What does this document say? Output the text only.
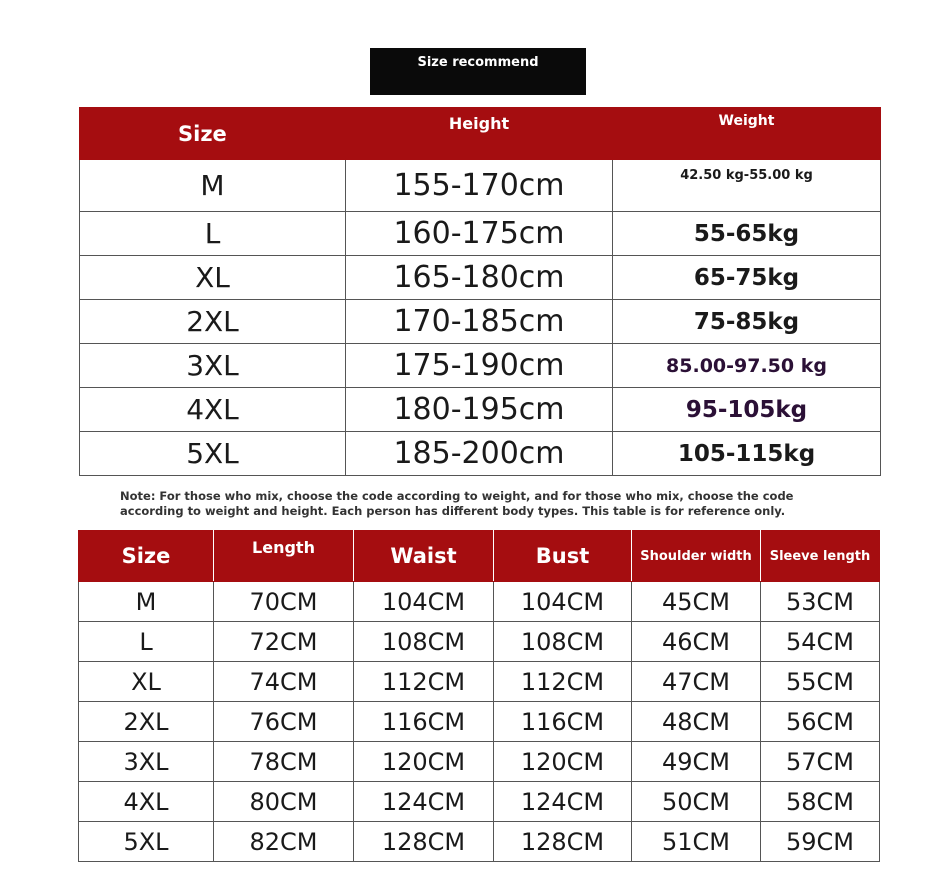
Size recommend
Size	Height	Weight
M	155-170cm	42.50 kg-55.00 kg
L	160-175cm	55-65kg
XL	165-180cm	65-75kg
2XL	170-185cm	75-85kg
3XL	175-190cm	85.00-97.50 kg
4XL	180-195cm	95-105kg
5XL	185-200cm	105-115kg
Note: For those who mix, choose the code according to weight, and for those who mix, choose the code according to weight and height. Each person has different body types. This table is for reference only.
Size	Length	Waist	Bust	Shoulder width	Sleeve length
M	70CM	104CM	104CM	45CM	53CM
L	72CM	108CM	108CM	46CM	54CM
XL	74CM	112CM	112CM	47CM	55CM
2XL	76CM	116CM	116CM	48CM	56CM
3XL	78CM	120CM	120CM	49CM	57CM
4XL	80CM	124CM	124CM	50CM	58CM
5XL	82CM	128CM	128CM	51CM	59CM
